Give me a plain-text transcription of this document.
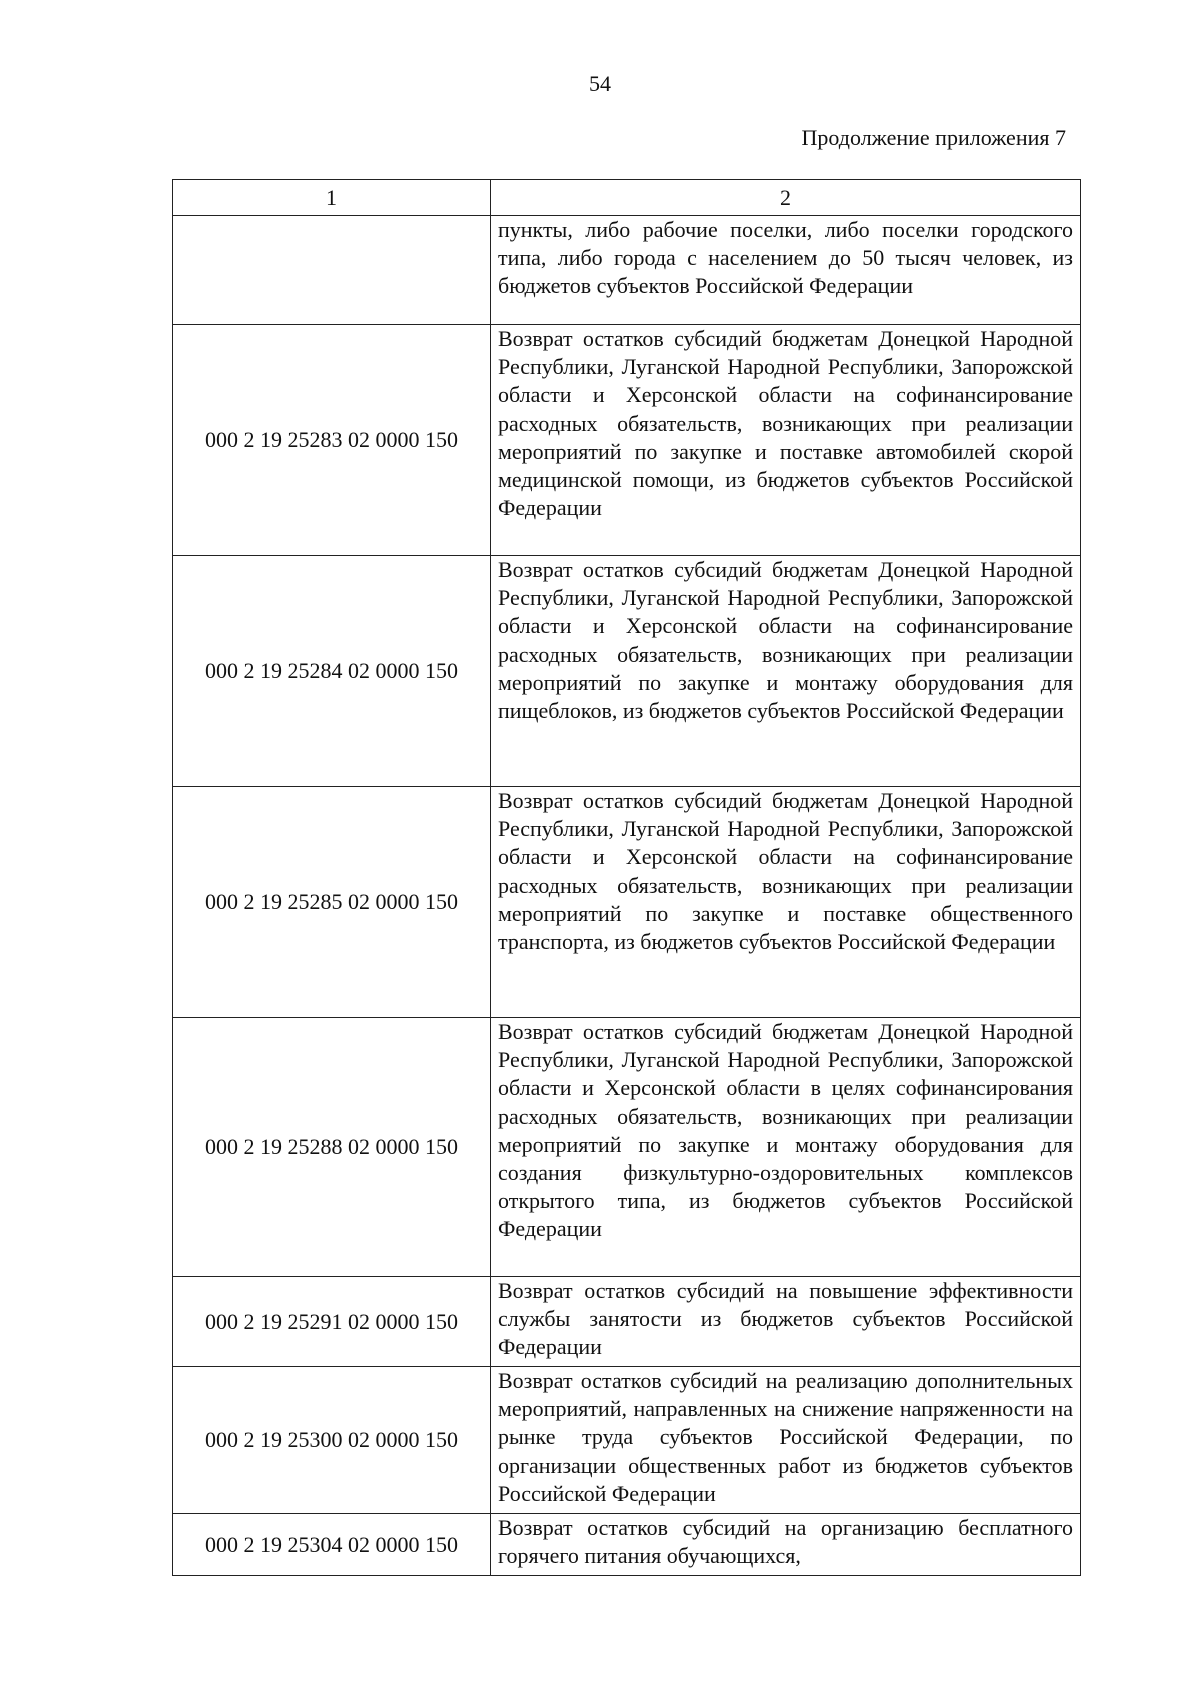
54
Продолжение приложения 7
1	2
	пункты, либо рабочие поселки, либо поселки городского типа, либо города с населением до 50 тысяч человек, из бюджетов субъектов Российской Федерации
000 2 19 25283 02 0000 150	Возврат остатков субсидий бюджетам Донецкой Народной Республики, Луганской Народной Республики, Запорожской области и Херсонской области на софинансирование расходных обязательств, возникающих при реализации мероприятий по закупке и поставке автомобилей скорой медицинской помощи, из бюджетов субъектов Российской Федерации
000 2 19 25284 02 0000 150	Возврат остатков субсидий бюджетам Донецкой Народной Республики, Луганской Народной Республики, Запорожской области и Херсонской области на софинансирование расходных обязательств, возникающих при реализации мероприятий по закупке и монтажу оборудования для пищеблоков, из бюджетов субъектов Российской Федерации
000 2 19 25285 02 0000 150	Возврат остатков субсидий бюджетам Донецкой Народной Республики, Луганской Народной Республики, Запорожской области и Херсонской области на софинансирование расходных обязательств, возникающих при реализации мероприятий по закупке и поставке общественного транспорта, из бюджетов субъектов Российской Федерации
000 2 19 25288 02 0000 150	Возврат остатков субсидий бюджетам Донецкой Народной Республики, Луганской Народной Республики, Запорожской области и Херсонской области в целях софинансирования расходных обязательств, возникающих при реализации мероприятий по закупке и монтажу оборудования для создания физкультурно-оздоровительных комплексов открытого типа, из бюджетов субъектов Российской Федерации
000 2 19 25291 02 0000 150	Возврат остатков субсидий на повышение эффективности службы занятости из бюджетов субъектов Российской Федерации
000 2 19 25300 02 0000 150	Возврат остатков субсидий на реализацию дополнительных мероприятий, направленных на снижение напряженности на рынке труда субъектов Российской Федерации, по организации общественных работ из бюджетов субъектов Российской Федерации
000 2 19 25304 02 0000 150	Возврат остатков субсидий на организацию бесплатного горячего питания обучающихся,
